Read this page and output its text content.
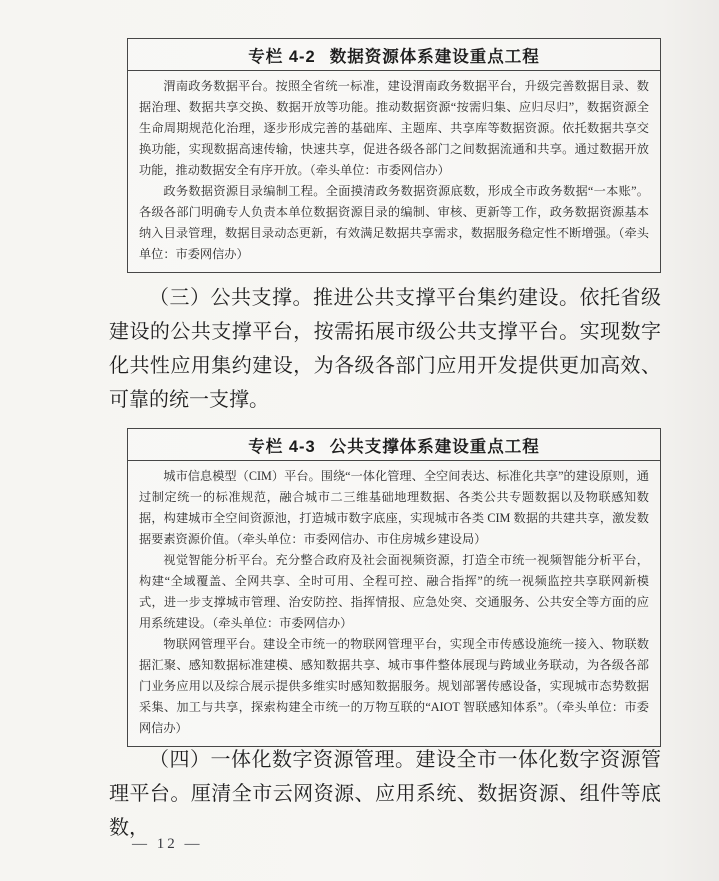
专栏 4-2 数据资源体系建设重点工程

渭南政务数据平台。按照全省统一标准，建设渭南政务数据平台，升级完善数据目录、数据治理、数据共享交换、数据开放等功能。推动数据资源“按需归集、应归尽归”，数据资源全生命周期规范化治理，逐步形成完善的基础库、主题库、共享库等数据资源。依托数据共享交换功能，实现数据高速传输，快速共享，促进各级各部门之间数据流通和共享。通过数据开放功能，推动数据安全有序开放。（牵头单位：市委网信办）

政务数据资源目录编制工程。全面摸清政务数据资源底数，形成全市政务数据“一本账”。各级各部门明确专人负责本单位数据资源目录的编制、审核、更新等工作，政务数据资源基本纳入目录管理，数据目录动态更新，有效满足数据共享需求，数据服务稳定性不断增强。（牵头单位：市委网信办）

（三）公共支撑。推进公共支撑平台集约建设。依托省级建设的公共支撑平台，按需拓展市级公共支撑平台。实现数字化共性应用集约建设，为各级各部门应用开发提供更加高效、可靠的统一支撑。

专栏 4-3 公共支撑体系建设重点工程

城市信息模型（CIM）平台。围绕“一体化管理、全空间表达、标准化共享”的建设原则，通过制定统一的标准规范，融合城市二三维基础地理数据、各类公共专题数据以及物联感知数据，构建城市全空间资源池，打造城市数字底座，实现城市各类 CIM 数据的共建共享，激发数据要素资源价值。（牵头单位：市委网信办、市住房城乡建设局）

视觉智能分析平台。充分整合政府及社会面视频资源，打造全市统一视频智能分析平台，构建“全域覆盖、全网共享、全时可用、全程可控、融合指挥”的统一视频监控共享联网新模式，进一步支撑城市管理、治安防控、指挥情报、应急处突、交通服务、公共安全等方面的应用系统建设。（牵头单位：市委网信办）

物联网管理平台。建设全市统一的物联网管理平台，实现全市传感设施统一接入、物联数据汇聚、感知数据标准建模、感知数据共享、城市事件整体展现与跨域业务联动，为各级各部门业务应用以及综合展示提供多维实时感知数据服务。规划部署传感设备，实现城市态势数据采集、加工与共享，探索构建全市统一的万物互联的“AIOT 智联感知体系”。（牵头单位：市委网信办）

（四）一体化数字资源管理。建设全市一体化数字资源管理平台。厘清全市云网资源、应用系统、数据资源、组件等底数，

— 12 —
